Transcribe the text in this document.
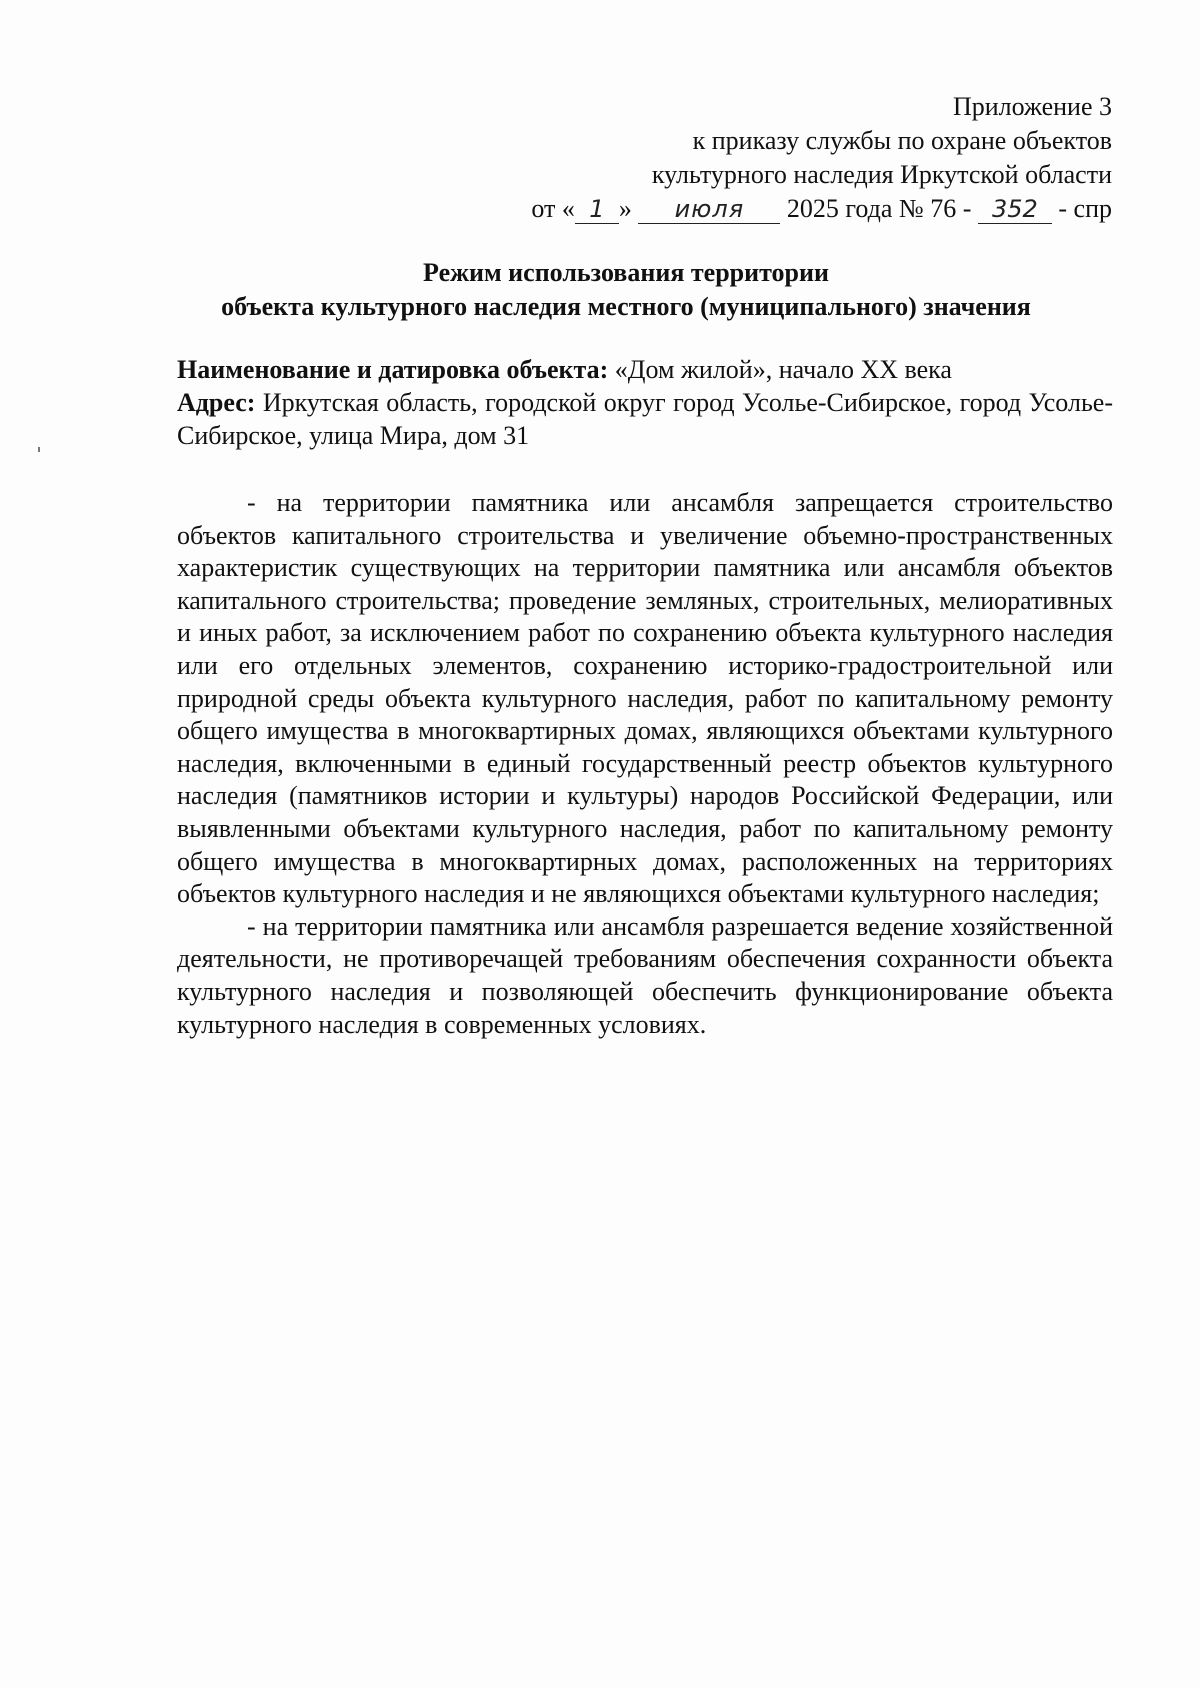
Приложение 3
к приказу службы по охране объектов
культурного наследия Иркутской области
от « 1 » июля 2025 года № 76 - 352 - спр
Режим использования территории
объекта культурного наследия местного (муниципального) значения

Наименование и датировка объекта: «Дом жилой», начало XX века

Адрес: Иркутская область, городской округ город Усолье-Сибирское, город Усолье-Сибирское, улица Мира, дом 31

- на территории памятника или ансамбля запрещается строительство объектов капитального строительства и увеличение объемно-пространственных характеристик существующих на территории памятника или ансамбля объектов капитального строительства; проведение земляных, строительных, мелиоративных и иных работ, за исключением работ по сохранению объекта культурного наследия или его отдельных элементов, сохранению историко-градостроительной или природной среды объекта культурного наследия, работ по капитальному ремонту общего имущества в многоквартирных домах, являющихся объектами культурного наследия, включенными в единый государственный реестр объектов культурного наследия (памятников истории и культуры) народов Российской Федерации, или выявленными объектами культурного наследия, работ по капитальному ремонту общего имущества в многоквартирных домах, расположенных на территориях объектов культурного наследия и не являющихся объектами культурного наследия;

- на территории памятника или ансамбля разрешается ведение хозяйственной деятельности, не противоречащей требованиям обеспечения сохранности объекта культурного наследия и позволяющей обеспечить функционирование объекта культурного наследия в современных условиях.
